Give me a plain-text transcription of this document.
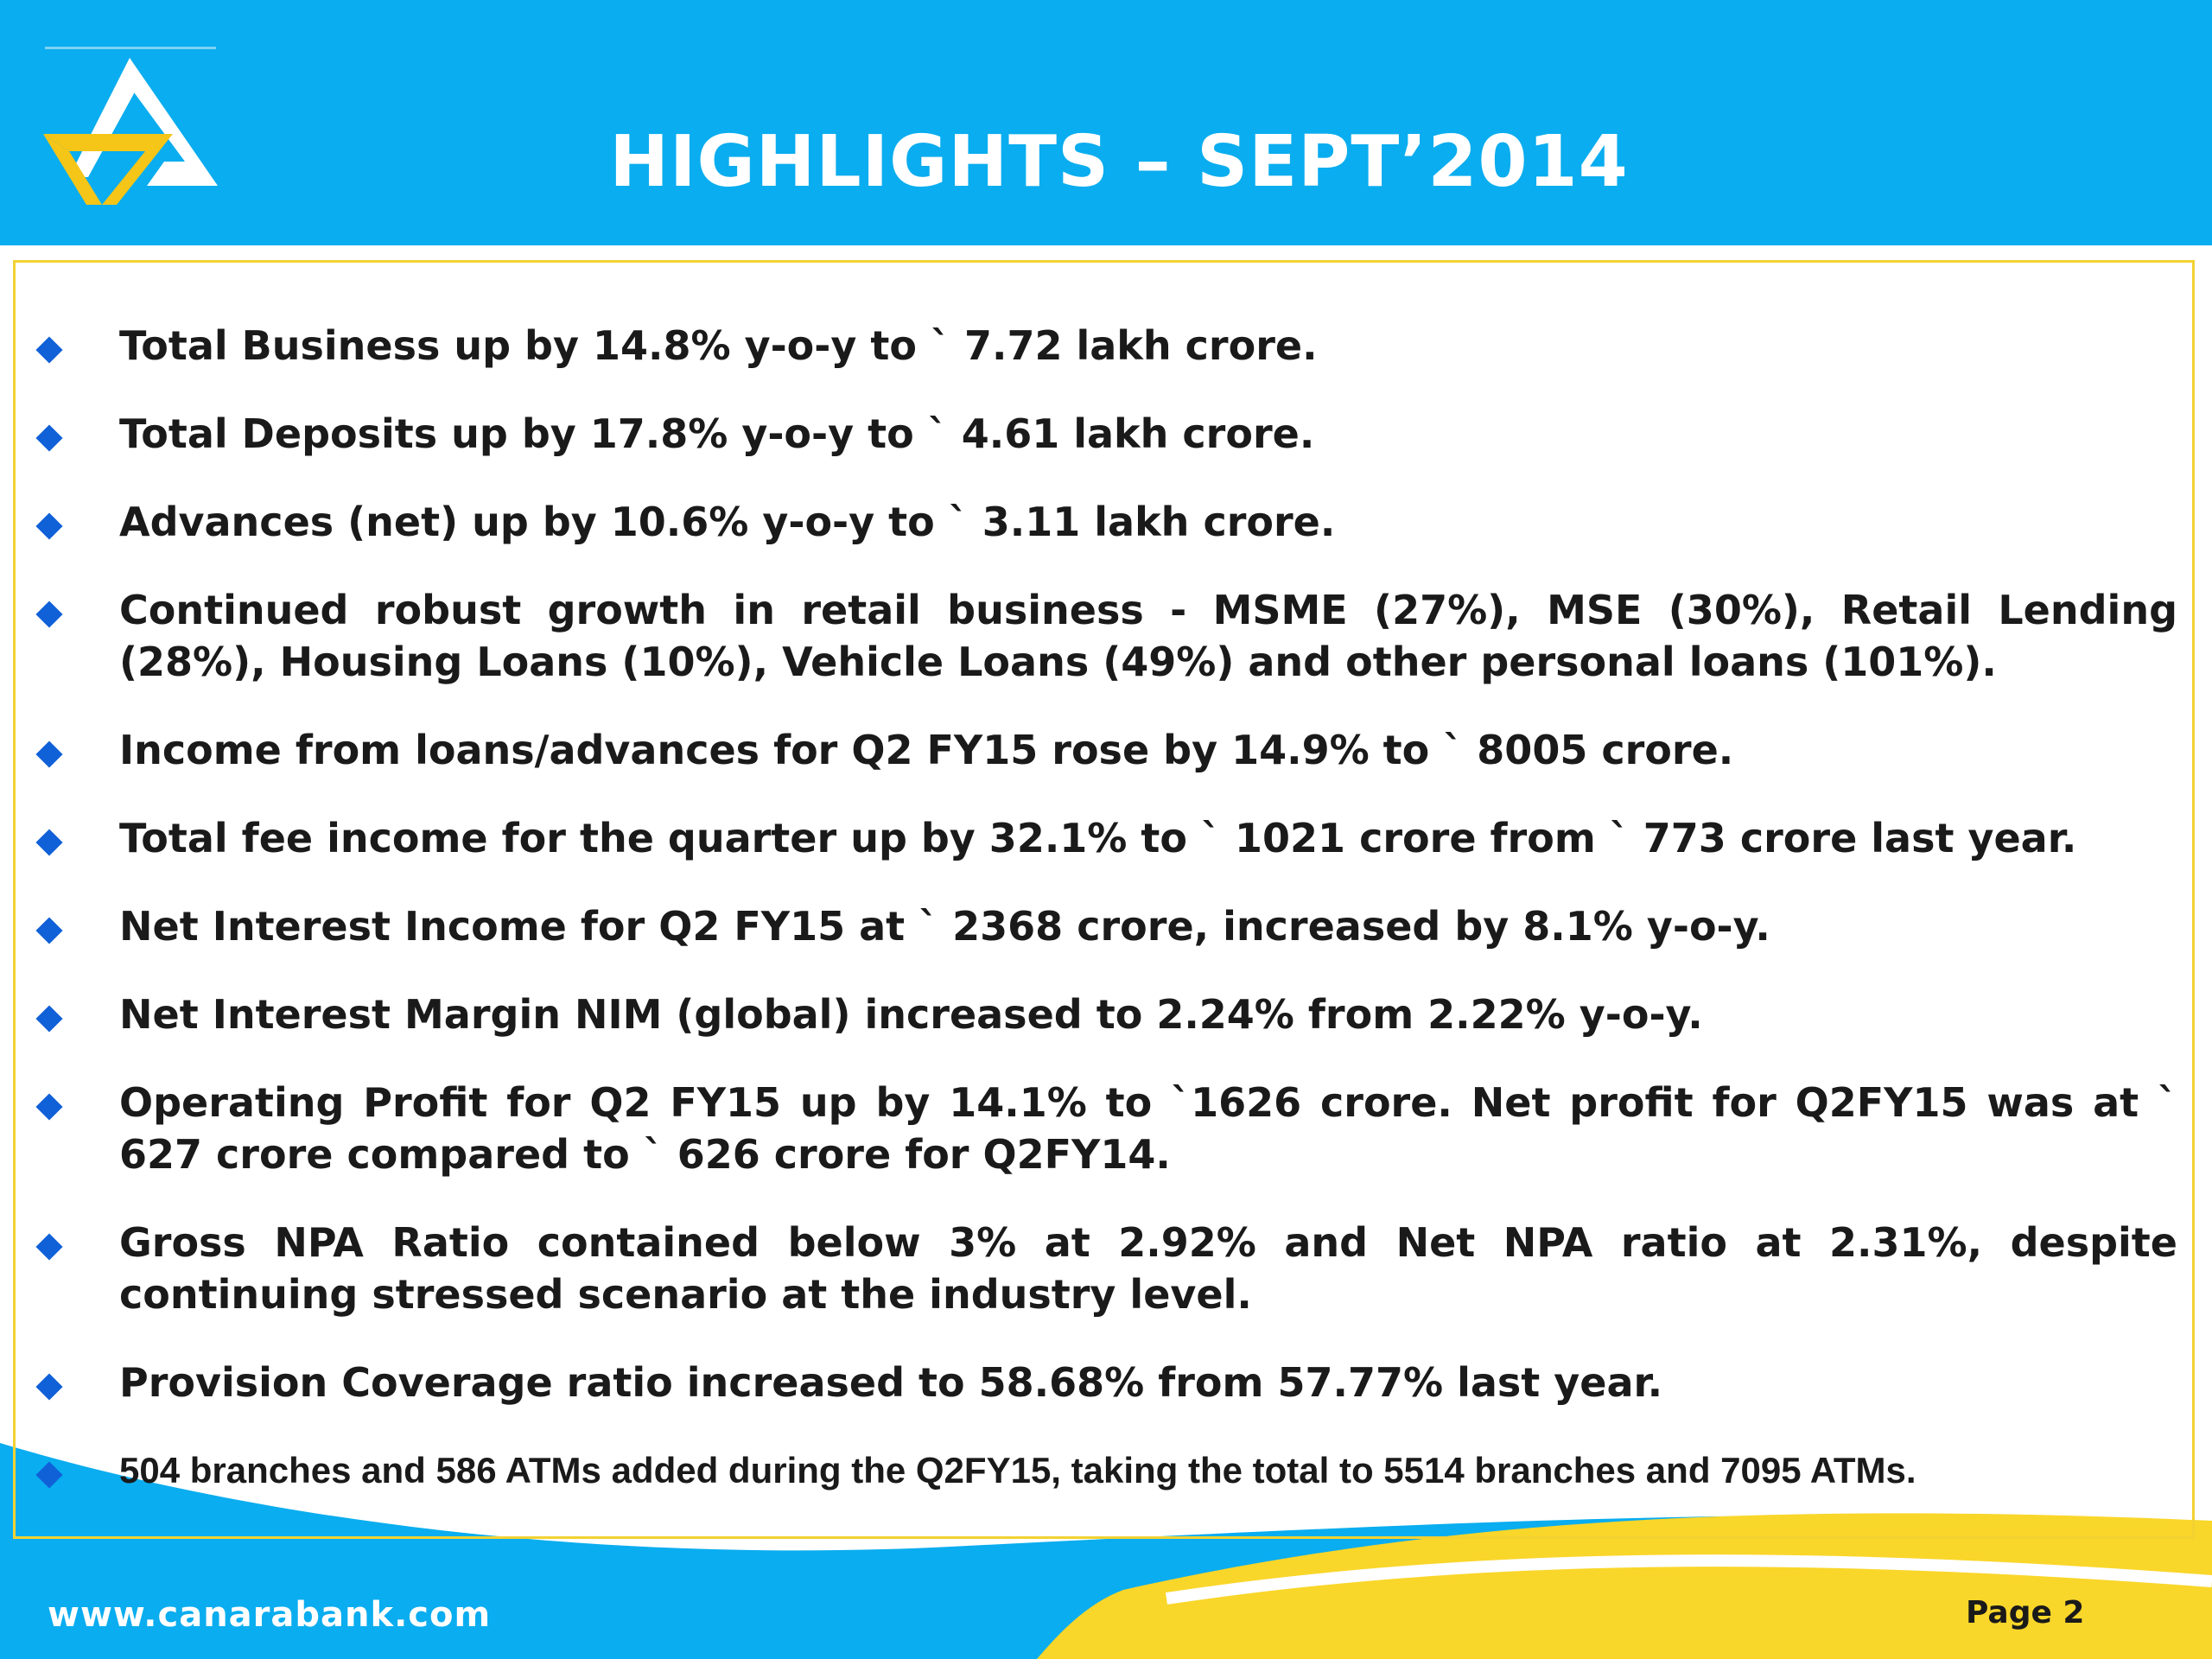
HIGHLIGHTS – SEPT’2014
Total Business up by 14.8% y-o-y to ` 7.72 lakh crore.
Total Deposits up by 17.8% y-o-y to ` 4.61 lakh crore.
Advances (net) up by 10.6% y-o-y to ` 3.11 lakh crore.
Continued robust growth in retail business - MSME (27%), MSE (30%), Retail Lending (28%), Housing Loans (10%), Vehicle Loans (49%) and other personal loans (101%).
Income from loans/advances for Q2 FY15 rose by 14.9% to ` 8005 crore.
Total fee income for the quarter up by 32.1% to ` 1021 crore from ` 773 crore last year.
Net Interest Income for Q2 FY15 at ` 2368 crore, increased by 8.1% y-o-y.
Net Interest Margin NIM (global) increased to 2.24% from 2.22% y-o-y.
Operating Profit for Q2 FY15 up by 14.1% to `1626 crore. Net profit for Q2FY15 was at ` 627 crore compared to ` 626 crore for Q2FY14.
Gross NPA Ratio contained below 3% at 2.92% and Net NPA ratio at 2.31%, despite continuing stressed scenario at the industry level.
Provision Coverage ratio increased to 58.68% from 57.77% last year.
504 branches and 586 ATMs added during the Q2FY15, taking the total to 5514 branches and 7095 ATMs.
www.canarabank.com	Page 2
